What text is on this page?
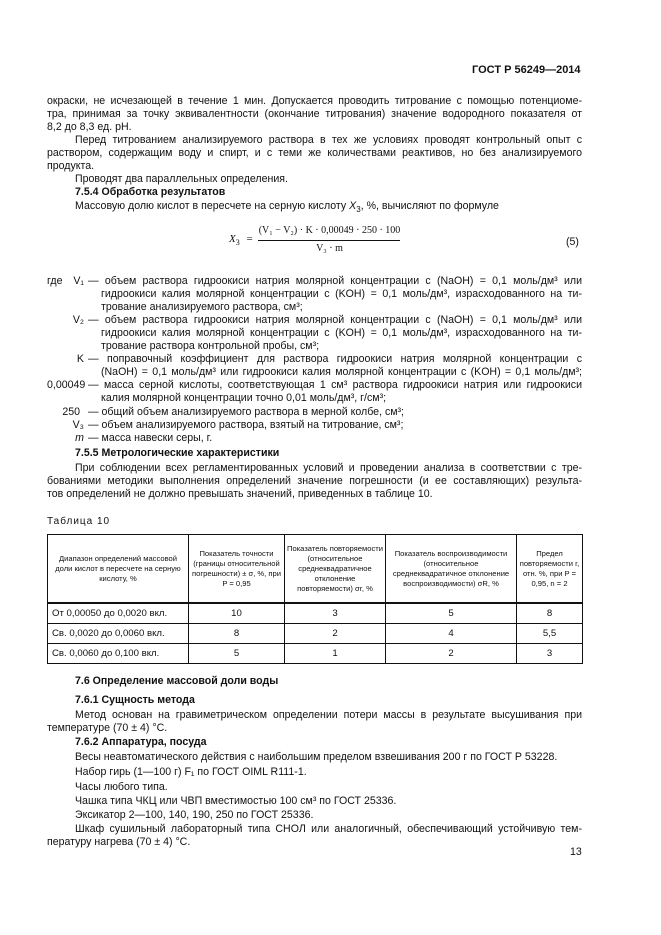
ГОСТ Р 56249—2014
окраски, не исчезающей в течение 1 мин. Допускается проводить титрование с помощью потенциоме-
тра, принимая за точку эквивалентности (окончание титрования) значение водородного показателя от
8,2 до 8,3 ед. pH.
Перед титрованием анализируемого раствора в тех же условиях проводят контрольный опыт с
раствором, содержащим воду и спирт, и с теми же количествами реактивов, но без анализируемого
продукта.
Проводят два параллельных определения.
7.5.4 Обработка результатов
Массовую долю кислот в пересчете на серную кислоту $X_3$, %, вычисляют по формуле
$X_3$ =
(V₁ − V₂) · K · 0,00049 · 250 · 100
V₃ · m
(5)
где	V₁ — объем раствора гидроокиси натрия молярной концентрации c (NaOH) = 0,1 моль/дм³ или
гидроокиси калия молярной концентрации c (KOH) = 0,1 моль/дм³, израсходованного на ти-
трование анализируемого раствора, см³;
V₂ — объем раствора гидроокиси натрия молярной концентрации c (NaOH) = 0,1 моль/дм³ или
гидроокиси калия молярной концентрации c (KOH) = 0,1 моль/дм³, израсходованного на ти-
трование раствора контрольной пробы, см³;
K — поправочный коэффициент для раствора гидроокиси натрия молярной концентрации c
(NaOH) = 0,1 моль/дм³ или гидроокиси калия молярной концентрации c (KOH) = 0,1 моль/дм³;
0,00049 — масса серной кислоты, соответствующая 1 см³ раствора гидроокиси натрия или гидроокиси
калия молярной концентрации точно 0,01 моль/дм³, г/см³;
250 — общий объем анализируемого раствора в мерной колбе, см³;
V₃ — объем анализируемого раствора, взятый на титрование, см³;
m — масса навески серы, г.
7.5.5 Метрологические характеристики
При соблюдении всех регламентированных условий и проведении анализа в соответствии с тре-
бованиями методики выполнения определений значение погрешности (и ее составляющих) результа-
тов определений не должно превышать значений, приведенных в таблице 10.
Таблица 10
Диапазон определений массовой доли кислот в пересчете на серную кислоту, %	Показатель точности (границы относительной погрешности) ± σ, %, при P = 0,95	Показатель повторяемости (относительное среднеквадратичное отклонение повторяемости) σr, %	Показатель воспроизводимости (относительное среднеквадратичное отклонение воспроизводимости) σR, %	Предел повторяемости r, отн. %, при P = 0,95, n = 2
От 0,00050 до 0,0020 вкл.	10	3	5	8
Св. 0,0020 до 0,0060 вкл.	8	2	4	5,5
Св. 0,0060 до 0,100 вкл.	5	1	2	3
7.6 Определение массовой доли воды
7.6.1 Сущность метода
Метод основан на гравиметрическом определении потери массы в результате высушивания при
температуре (70 ± 4) °С.
7.6.2 Аппаратура, посуда
Весы неавтоматического действия с наибольшим пределом взвешивания 200 г по ГОСТ Р 53228.
Набор гирь (1—100 г) F₁ по ГОСТ OIML R111-1.
Часы любого типа.
Чашка типа ЧКЦ или ЧВП вместимостью 100 см³ по ГОСТ 25336.
Эксикатор 2—100, 140, 190, 250 по ГОСТ 25336.
Шкаф сушильный лабораторный типа СНОЛ или аналогичный, обеспечивающий устойчивую тем-
пературу нагрева (70 ± 4) °С.
13
